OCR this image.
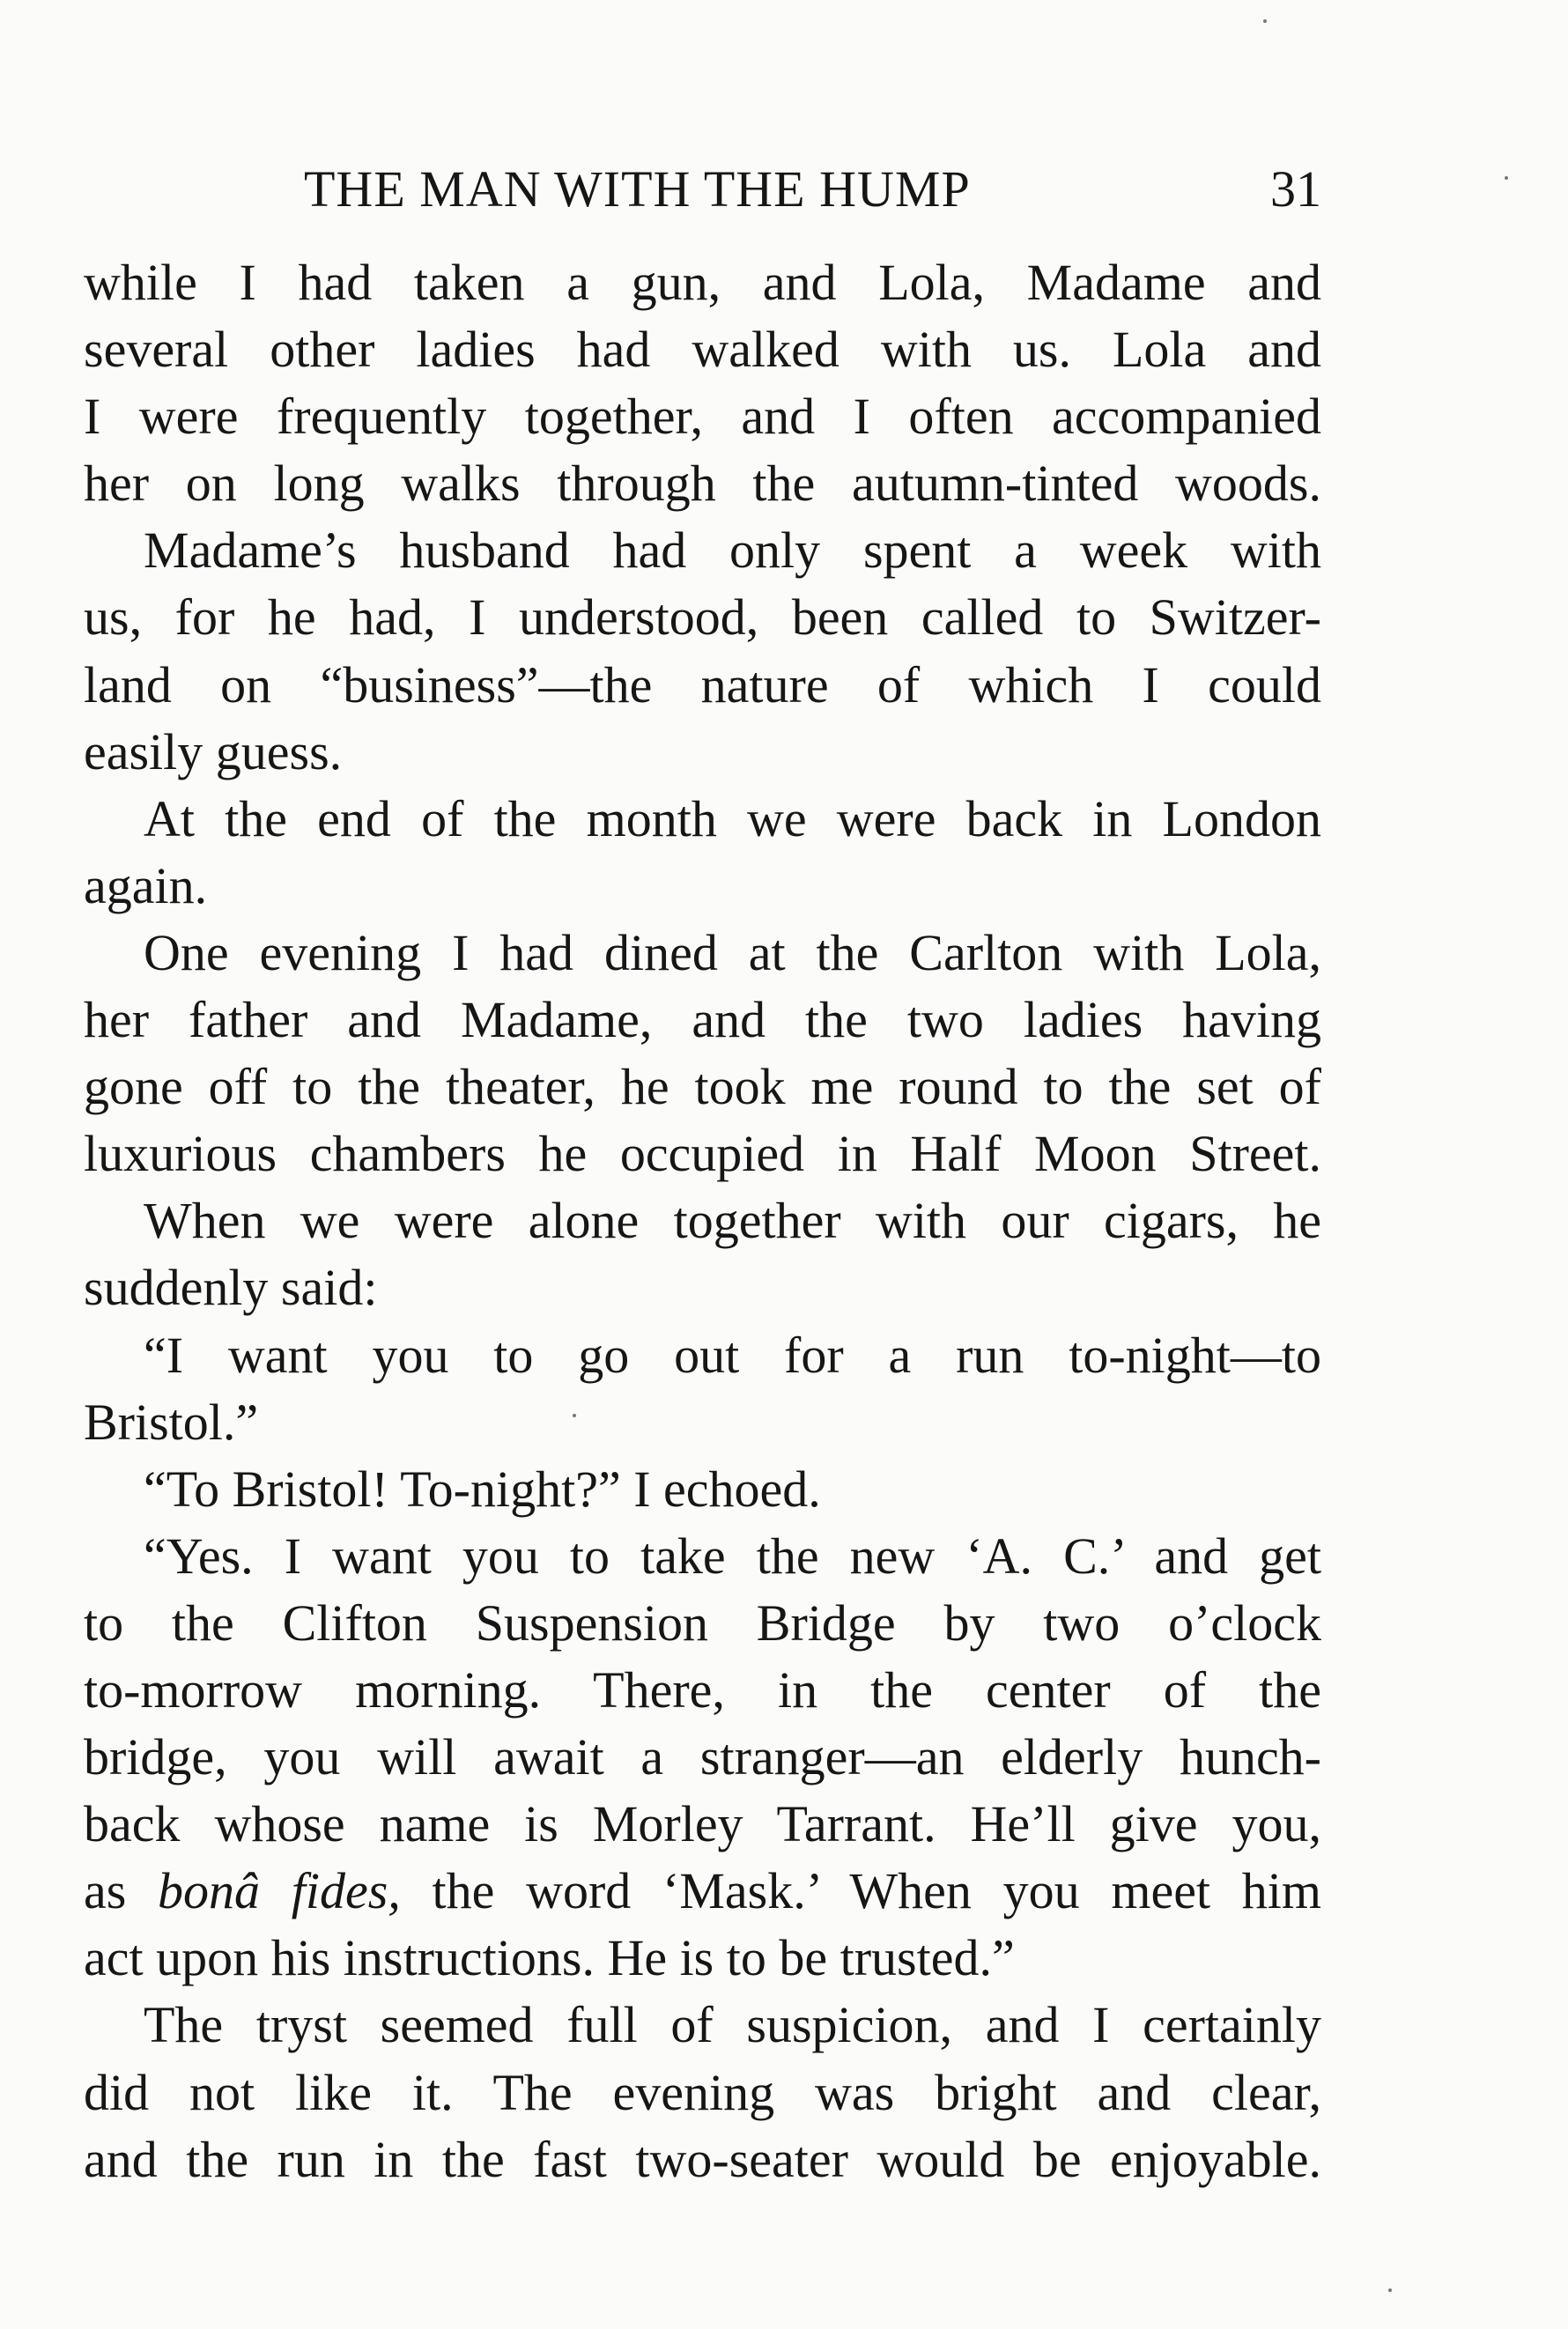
THE MAN WITH THE HUMP	31
while I had taken a gun, and Lola, Madame and
several other ladies had walked with us. Lola and
I were frequently together, and I often accompanied
her on long walks through the autumn-tinted woods.
Madame’s husband had only spent a week with
us, for he had, I understood, been called to Switzer-
land on “business”—the nature of which I could
easily guess.
At the end of the month we were back in London
again.
One evening I had dined at the Carlton with Lola,
her father and Madame, and the two ladies having
gone off to the theater, he took me round to the set of
luxurious chambers he occupied in Half Moon Street.
When we were alone together with our cigars, he
suddenly said:
“I want you to go out for a run to-night—to
Bristol.”
“To Bristol! To-night?” I echoed.
“Yes. I want you to take the new ‘A. C.’ and get
to the Clifton Suspension Bridge by two o’clock
to-morrow morning. There, in the center of the
bridge, you will await a stranger—an elderly hunch-
back whose name is Morley Tarrant. He’ll give you,
as bonâ fides, the word ‘Mask.’ When you meet him
act upon his instructions. He is to be trusted.”
The tryst seemed full of suspicion, and I certainly
did not like it. The evening was bright and clear,
and the run in the fast two-seater would be enjoyable.
